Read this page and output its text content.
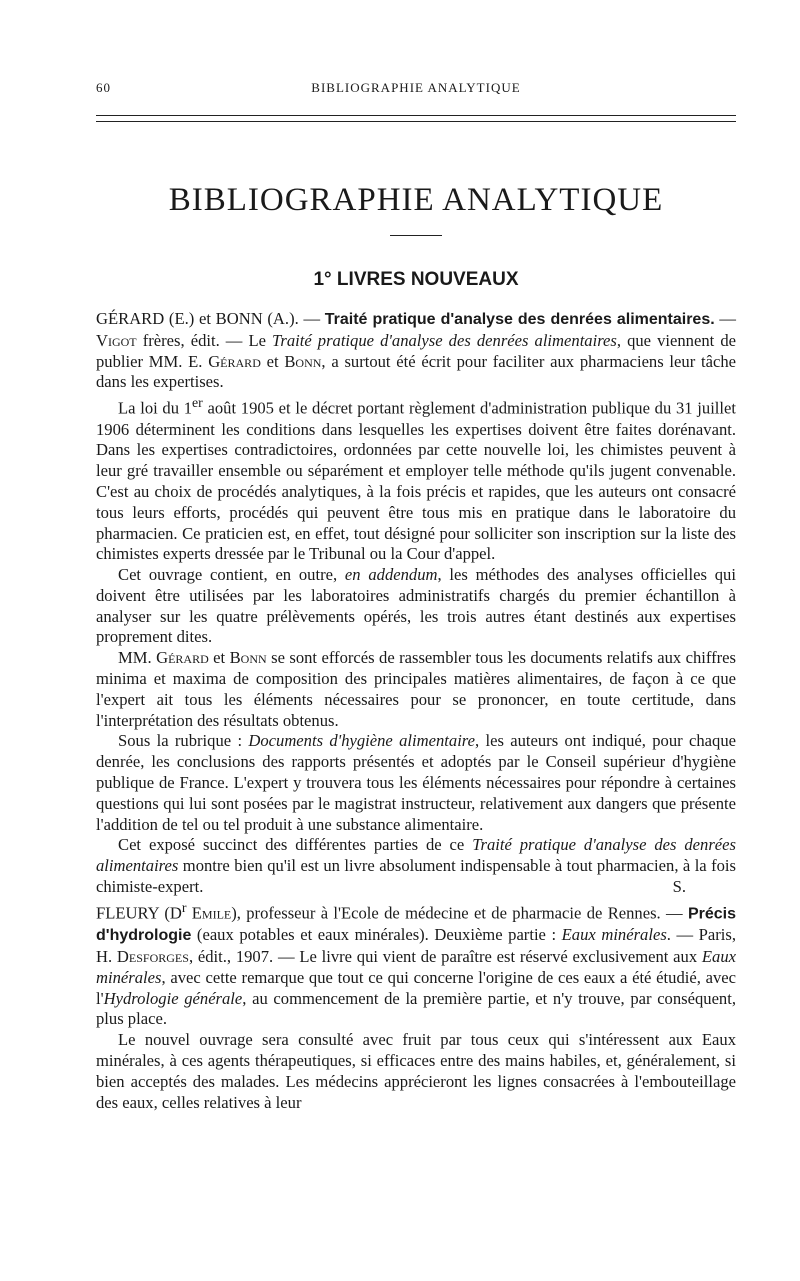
60	BIBLIOGRAPHIE ANALYTIQUE
BIBLIOGRAPHIE ANALYTIQUE
1° LIVRES NOUVEAUX

GÉRARD (E.) et BONN (A.). — Traité pratique d'analyse des denrées alimentaires. — Vigot frères, édit. — Le Traité pratique d'analyse des denrées alimentaires, que viennent de publier MM. E. Gérard et Bonn, a surtout été écrit pour faciliter aux pharmaciens leur tâche dans les expertises.

La loi du 1er août 1905 et le décret portant règlement d'administration publique du 31 juillet 1906 déterminent les conditions dans lesquelles les expertises doivent être faites dorénavant. Dans les expertises contradictoires, ordonnées par cette nouvelle loi, les chimistes peuvent à leur gré travailler ensemble ou séparément et employer telle méthode qu'ils jugent convenable. C'est au choix de procédés analytiques, à la fois précis et rapides, que les auteurs ont consacré tous leurs efforts, procédés qui peuvent être tous mis en pratique dans le laboratoire du pharmacien. Ce praticien est, en effet, tout désigné pour solliciter son inscription sur la liste des chimistes experts dressée par le Tribunal ou la Cour d'appel.

Cet ouvrage contient, en outre, en addendum, les méthodes des analyses officielles qui doivent être utilisées par les laboratoires administratifs chargés du premier échantillon à analyser sur les quatre prélèvements opérés, les trois autres étant destinés aux expertises proprement dites.

MM. Gérard et Bonn se sont efforcés de rassembler tous les documents relatifs aux chiffres minima et maxima de composition des principales matières alimentaires, de façon à ce que l'expert ait tous les éléments nécessaires pour se prononcer, en toute certitude, dans l'interprétation des résultats obtenus.

Sous la rubrique : Documents d'hygiène alimentaire, les auteurs ont indiqué, pour chaque denrée, les conclusions des rapports présentés et adoptés par le Conseil supérieur d'hygiène publique de France. L'expert y trouvera tous les éléments nécessaires pour répondre à certaines questions qui lui sont posées par le magistrat instructeur, relativement aux dangers que présente l'addition de tel ou tel produit à une substance alimentaire.

Cet exposé succinct des différentes parties de ce Traité pratique d'analyse des denrées alimentaires montre bien qu'il est un livre absolument indispensable à tout pharmacien, à la fois chimiste-expert.	S.

FLEURY ($D^r$ Emile), professeur à l'Ecole de médecine et de pharmacie de Rennes. — Précis d'hydrologie (eaux potables et eaux minérales). Deuxième partie : Eaux minérales. — Paris, H. Desforges, édit., 1907. — Le livre qui vient de paraître est réservé exclusivement aux Eaux minérales, avec cette remarque que tout ce qui concerne l'origine de ces eaux a été étudié, avec l'Hydrologie générale, au commencement de la première partie, et n'y trouve, par conséquent, plus place.

Le nouvel ouvrage sera consulté avec fruit par tous ceux qui s'intéressent aux Eaux minérales, à ces agents thérapeutiques, si efficaces entre des mains habiles, et, généralement, si bien acceptés des malades. Les médecins apprécieront les lignes consacrées à l'embouteillage des eaux, celles relatives à leur
